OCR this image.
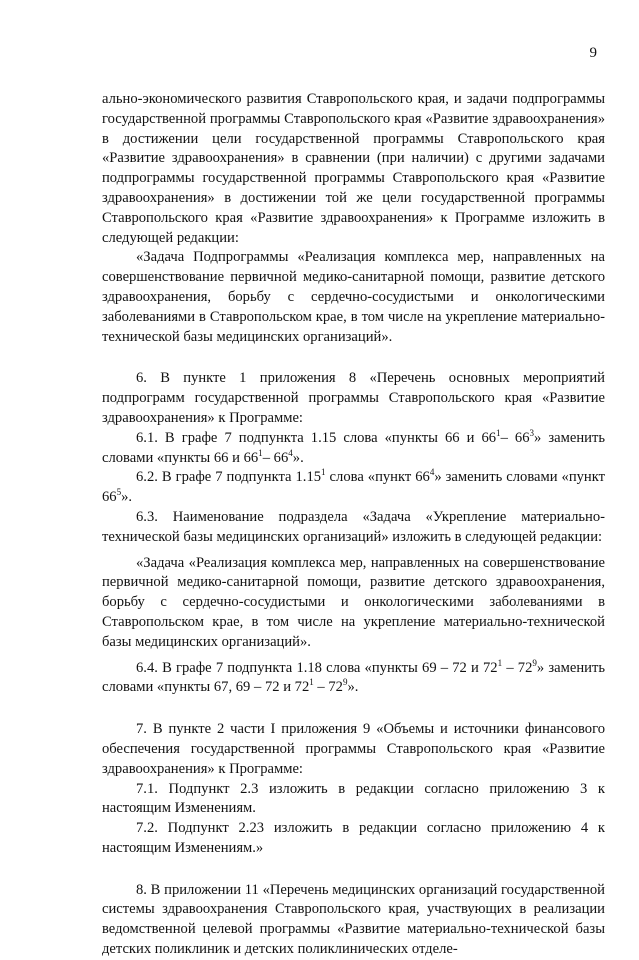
9

ально-экономического развития Ставропольского края, и задачи подпрограммы государственной программы Ставропольского края «Развитие здравоохранения» в достижении цели государственной программы Ставропольского края «Развитие здравоохранения» в сравнении (при наличии) с другими задачами подпрограммы государственной программы Ставропольского края «Развитие здравоохранения» в достижении той же цели государственной программы Ставропольского края «Развитие здравоохранения» к Программе изложить в следующей редакции:

«Задача Подпрограммы «Реализация комплекса мер, направленных на совершенствование первичной медико-санитарной помощи, развитие детского здравоохранения, борьбу с сердечно-сосудистыми и онкологическими заболеваниями в Ставропольском крае, в том числе на укрепление материально-технической базы медицинских организаций».

6. В пункте 1 приложения 8 «Перечень основных мероприятий подпрограмм государственной программы Ставропольского края «Развитие здравоохранения» к Программе:

6.1. В графе 7 подпункта 1.15 слова «пункты 66 и $66^1-$ $66^3$» заменить словами «пункты 66 и $66^1-$ $66^4$».

6.2. В графе 7 подпункта 1.15$^1$ слова «пункт $66^4$» заменить словами «пункт $66^5$».

6.3. Наименование подраздела «Задача «Укрепление материально-технической базы медицинских организаций» изложить в следующей редакции:

«Задача «Реализация комплекса мер, направленных на совершенствование первичной медико-санитарной помощи, развитие детского здравоохранения, борьбу с сердечно-сосудистыми и онкологическими заболеваниями в Ставропольском крае, в том числе на укрепление материально-технической базы медицинских организаций».

6.4. В графе 7 подпункта 1.18 слова «пункты 69 – 72 и $72^1 - 72^9$» заменить словами «пункты 67, 69 – 72 и $72^1 - 72^9$».

7. В пункте 2 части I приложения 9 «Объемы и источники финансового обеспечения государственной программы Ставропольского края «Развитие здравоохранения» к Программе:

7.1. Подпункт 2.3 изложить в редакции согласно приложению 3 к настоящим Изменениям.

7.2. Подпункт 2.23 изложить в редакции согласно приложению 4 к настоящим Изменениям.»

8. В приложении 11 «Перечень медицинских организаций государственной системы здравоохранения Ставропольского края, участвующих в реализации ведомственной целевой программы «Развитие материально-технической базы детских поликлиник и детских поликлинических отделе-
